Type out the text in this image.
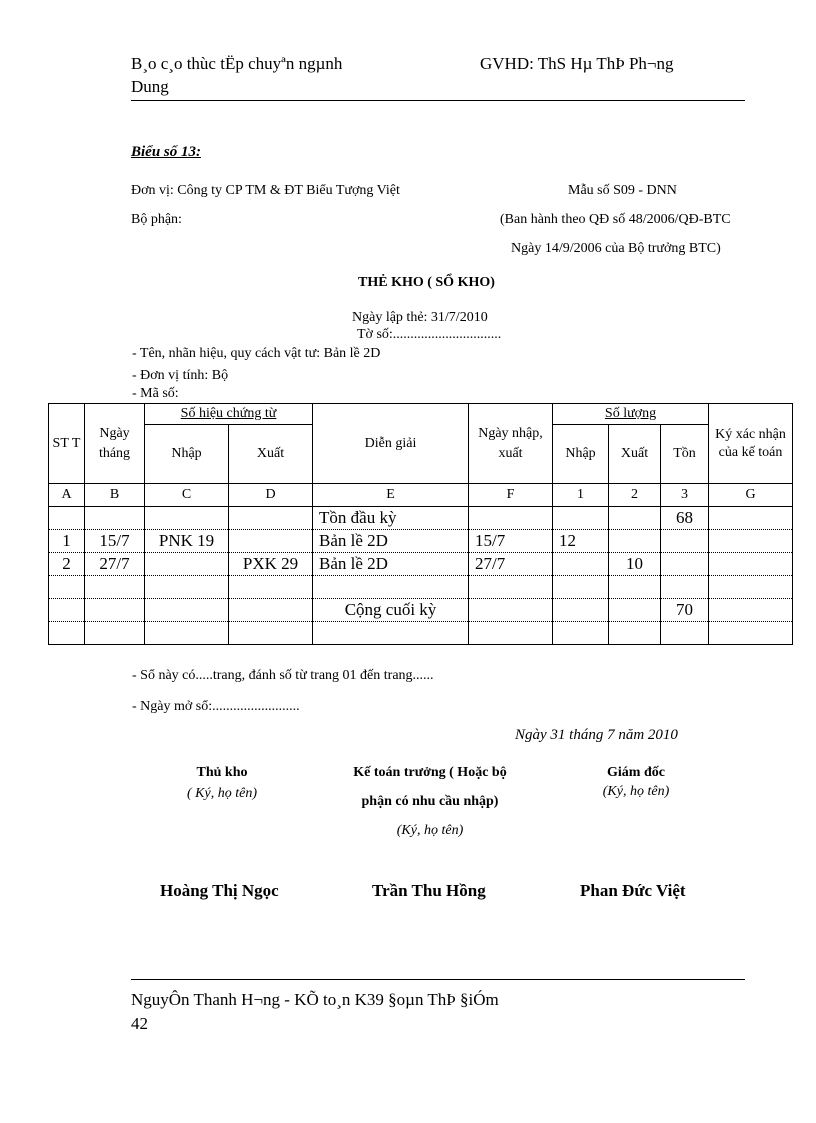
B¸o c¸o thùc tËp chuyªn ngµnh
Dung
GVHD: ThS Hµ ThÞ Ph¬ng
Biểu số 13:
Đơn vị: Công ty CP TM & ĐT Biểu Tượng Việt
Bộ phận:
Mẫu số S09 - DNN
(Ban hành theo QĐ số 48/2006/QĐ-BTC
Ngày 14/9/2006 của Bộ trưởng BTC)
THẺ KHO ( SỔ KHO)
Ngày lập thẻ: 31/7/2010
Tờ số:...............................
- Tên, nhãn hiệu, quy cách vật tư: Bản lề 2D
- Đơn vị tính: Bộ
- Mã số:
ST T	Ngày tháng	Số hiệu chứng từ		Diễn giải	Ngày nhập, xuất	Số lượng			Ký xác nhận của kế toán
		Nhập	Xuất			Nhập	Xuất	Tồn	
A	B	C	D	E	F	1	2	3	G
				Tồn đầu kỳ				68	
1	15/7	PNK 19		Bản lề 2D	15/7	12			
2	27/7		PXK 29	Bản lề 2D	27/7		10		

				Cộng cuối kỳ				70	

- Sổ này có.....trang, đánh số từ trang 01 đến trang......
- Ngày mở sổ:.........................
Ngày 31 tháng 7 năm 2010
Thủ kho
( Ký, họ tên)
Kế toán trưởng ( Hoặc bộ
phận có nhu cầu nhập)
(Ký, họ tên)
Giám đốc
(Ký, họ tên)
Hoàng Thị Ngọc	Trần Thu Hồng	Phan Đức Việt
NguyÔn Thanh H¬ng - KÕ to¸n K39 §oµn ThÞ §iÓm
42
